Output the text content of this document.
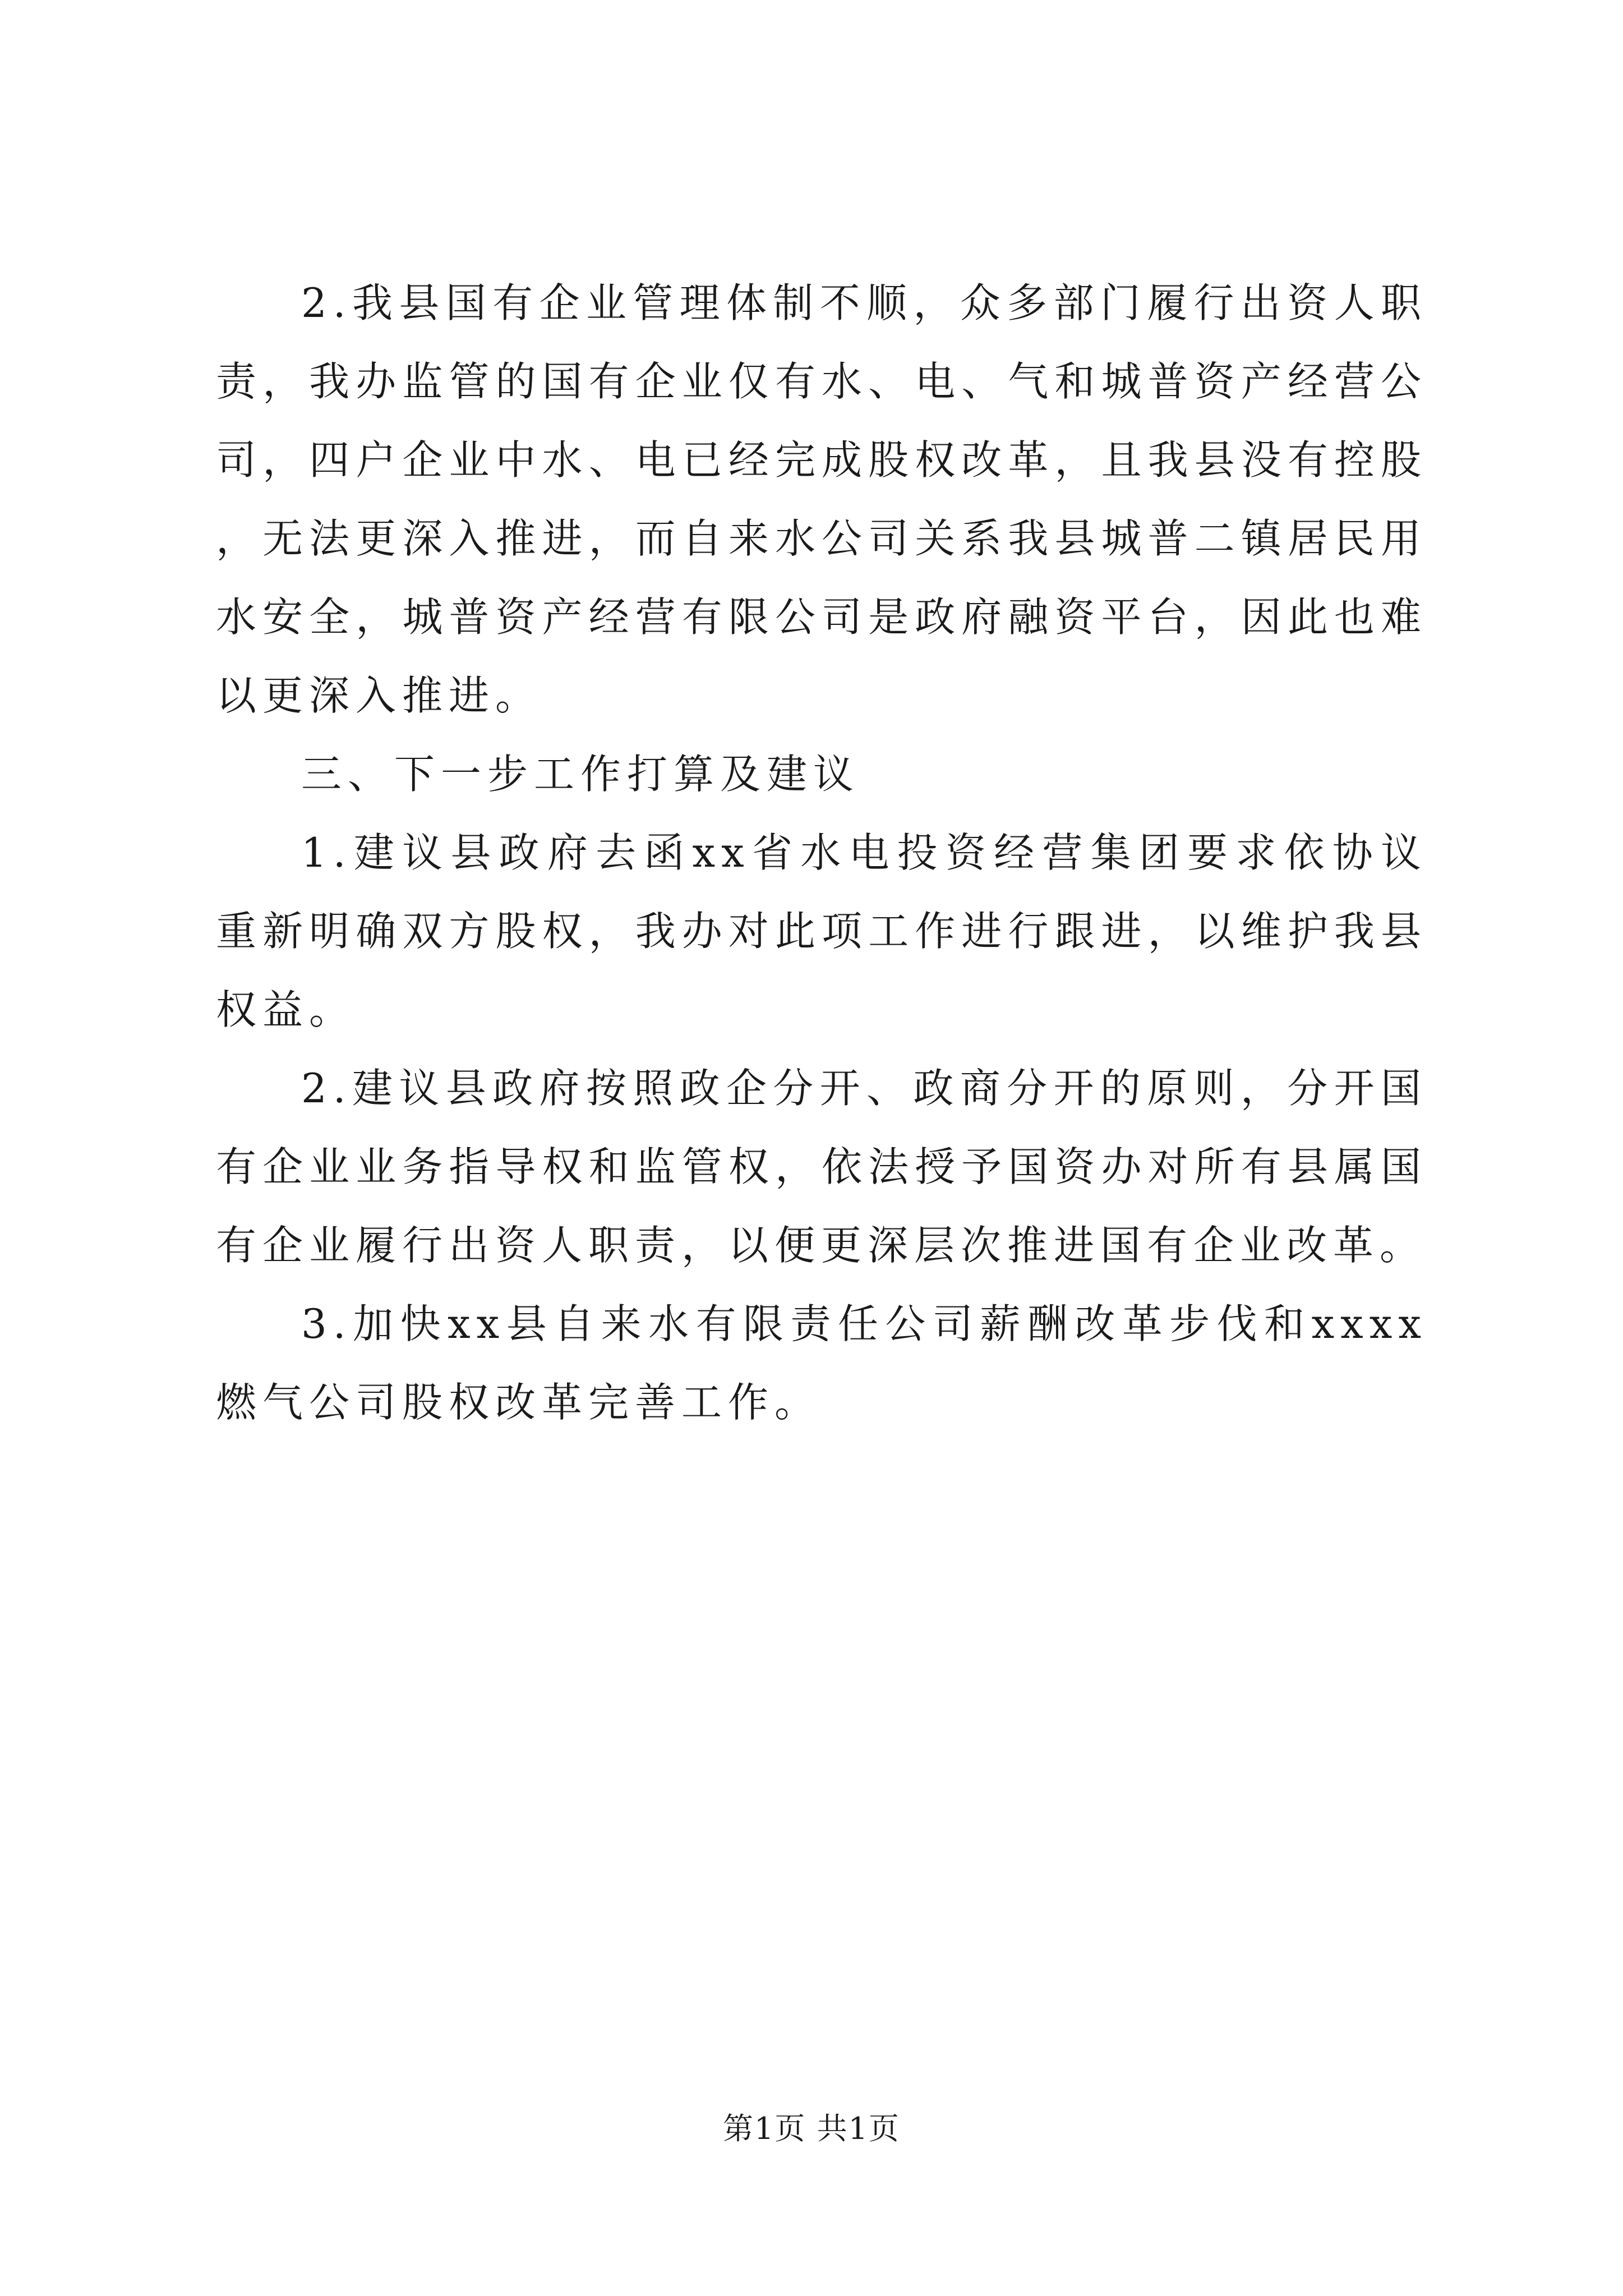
2.我县国有企业管理体制不顺，众多部门履行出资人职责，我办监管的国有企业仅有水、电、气和城普资产经营公司，四户企业中水、电已经完成股权改革，且我县没有控股，无法更深入推进，而自来水公司关系我县城普二镇居民用水安全，城普资产经营有限公司是政府融资平台，因此也难以更深入推进。

三、下一步工作打算及建议

1.建议县政府去函xx省水电投资经营集团要求依协议重新明确双方股权，我办对此项工作进行跟进，以维护我县权益。

2.建议县政府按照政企分开、政商分开的原则，分开国有企业业务指导权和监管权，依法授予国资办对所有县属国有企业履行出资人职责，以便更深层次推进国有企业改革。

3.加快xx县自来水有限责任公司薪酬改革步伐和xxxx燃气公司股权改革完善工作。

第1页 共1页
